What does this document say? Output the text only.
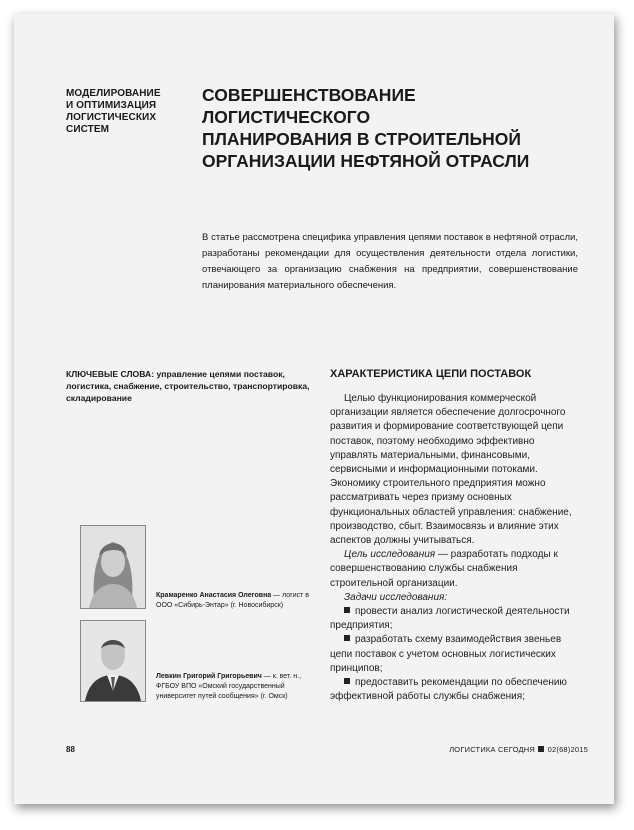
МОДЕЛИРОВАНИЕ
И ОПТИМИЗАЦИЯ
ЛОГИСТИЧЕСКИХ
СИСТЕМ
СОВЕРШЕНСТВОВАНИЕ ЛОГИСТИЧЕСКОГО
ПЛАНИРОВАНИЯ В СТРОИТЕЛЬНОЙ
ОРГАНИЗАЦИИ НЕФТЯНОЙ ОТРАСЛИ
В статье рассмотрена специфика управления цепями поставок в нефтяной отрасли, разработаны рекомендации для осуществления деятельности отдела логистики, отвечающего за организацию снабжения на предприятии, совершенствование планирования материального обеспечения.
КЛЮЧЕВЫЕ СЛОВА: управление цепями поставок, логистика, снабжение, строительство, транспортировка, складирование
ХАРАКТЕРИСТИКА ЦЕПИ ПОСТАВОК

Целью функционирования коммерческой организации является обеспечение долгосрочного развития и формирование соответствующей цепи поставок, поэтому необходимо эффективно управлять материальными, финансовыми, сервисными и информационными потоками. Экономику строительного предприятия можно рассматривать через призму основных функциональных областей управления: снабжение, производство, сбыт. Взаимосвязь и влияние этих аспектов должны учитываться.

Цель исследования — разработать подходы к совершенствованию службы снабжения строительной организации.

Задачи исследования:

провести анализ логистической деятельности предприятия;

разработать схему взаимодействия звеньев цепи поставок с учетом основных логистических принципов;

предоставить рекомендации по обеспечению эффективной работы службы снабжения;

Крамаренко Анастасия Олеговна — логист в ООО «Сибирь-Энтар» (г. Новосибирск)
Левкин Григорий Григорьевич — к. вет. н., ФГБОУ ВПО «Омский государственный университет путей сообщения» (г. Омск)
88	ЛОГИСТИКА СЕГОДНЯ 02(68)2015
